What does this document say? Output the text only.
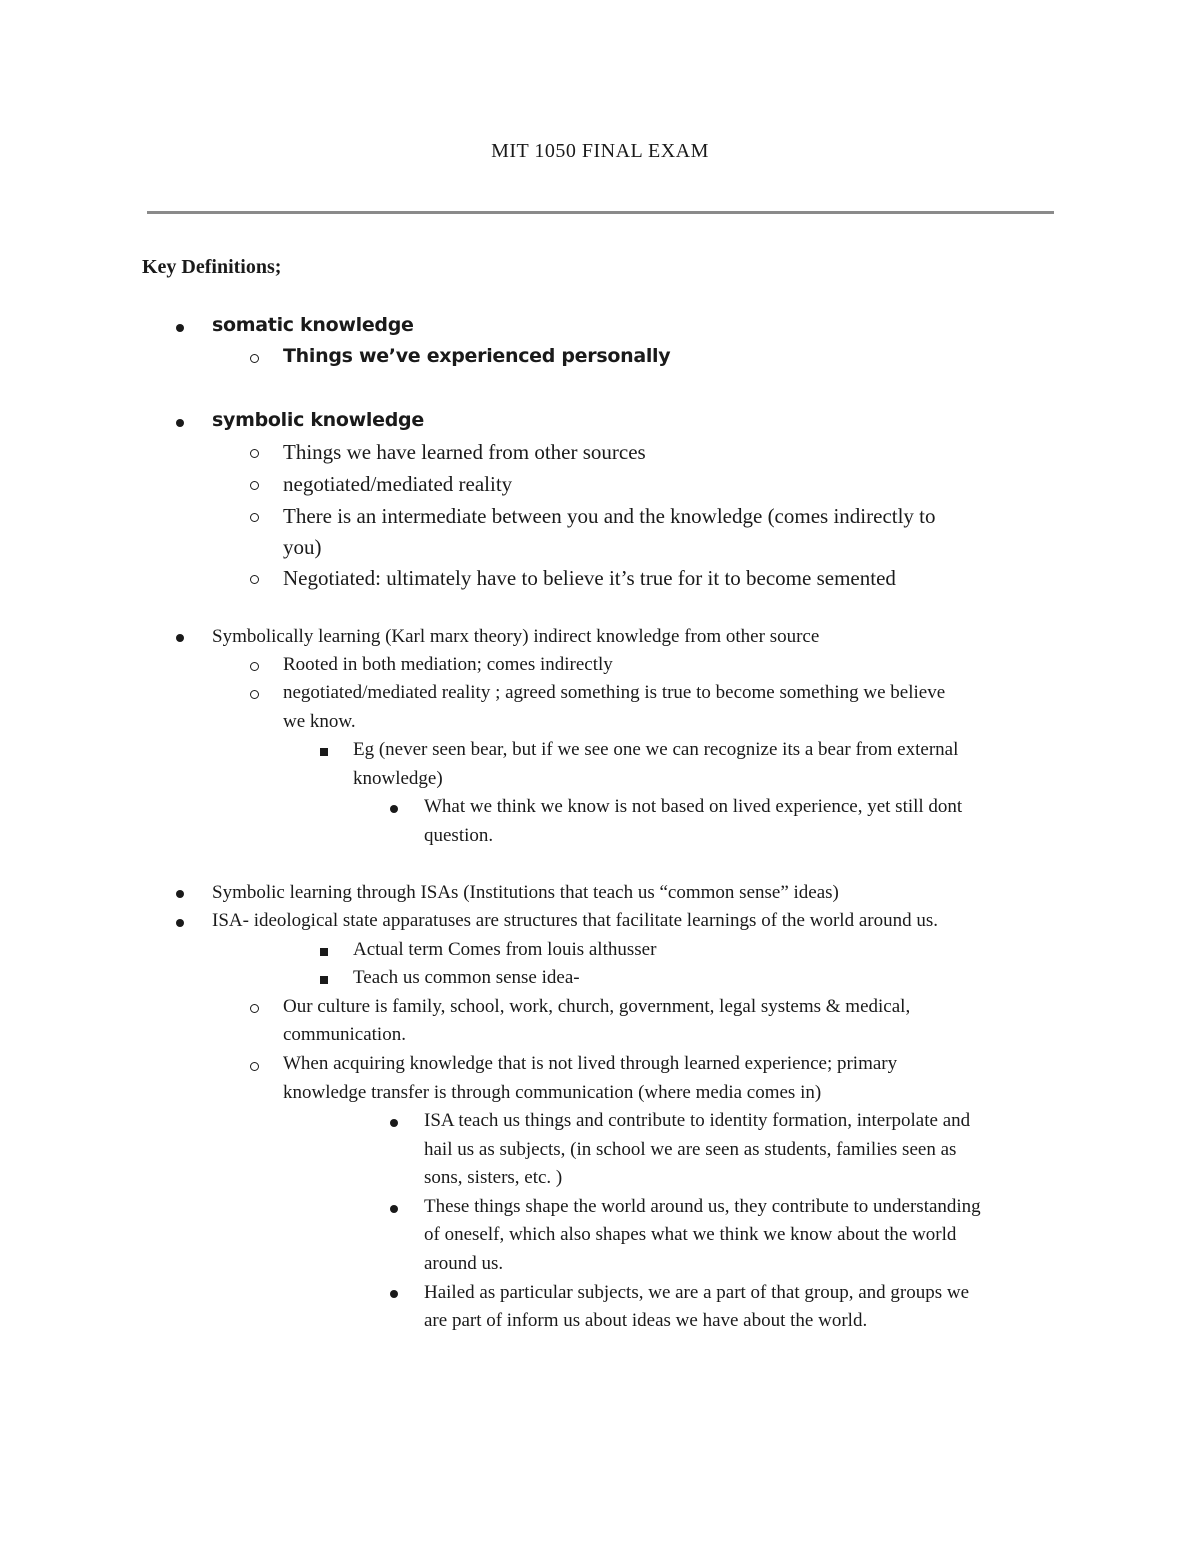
MIT 1050 FINAL EXAM
Key Definitions;
somatic knowledge
Things we’ve experienced personally
symbolic knowledge
Things we have learned from other sources
negotiated/mediated reality
There is an intermediate between you and the knowledge (comes indirectly to
you)
Negotiated: ultimately have to believe it’s true for it to become semented
Symbolically learning (Karl marx theory) indirect knowledge from other source
Rooted in both mediation; comes indirectly
negotiated/mediated reality ; agreed something is true to become something we believe
we know.
Eg (never seen bear, but if we see one we can recognize its a bear from external
knowledge)
What we think we know is not based on lived experience, yet still dont
question.
Symbolic learning through ISAs (Institutions that teach us “common sense” ideas)
ISA- ideological state apparatuses are structures that facilitate learnings of the world around us.
Actual term Comes from louis althusser
Teach us common sense idea-
Our culture is family, school, work, church, government, legal systems & medical,
communication.
When acquiring knowledge that is not lived through learned experience; primary
knowledge transfer is through communication (where media comes in)
ISA teach us things and contribute to identity formation, interpolate and
hail us as subjects, (in school we are seen as students, families seen as
sons, sisters, etc. )
These things shape the world around us, they contribute to understanding
of oneself, which also shapes what we think we know about the world
around us.
Hailed as particular subjects, we are a part of that group, and groups we
are part of inform us about ideas we have about the world.
